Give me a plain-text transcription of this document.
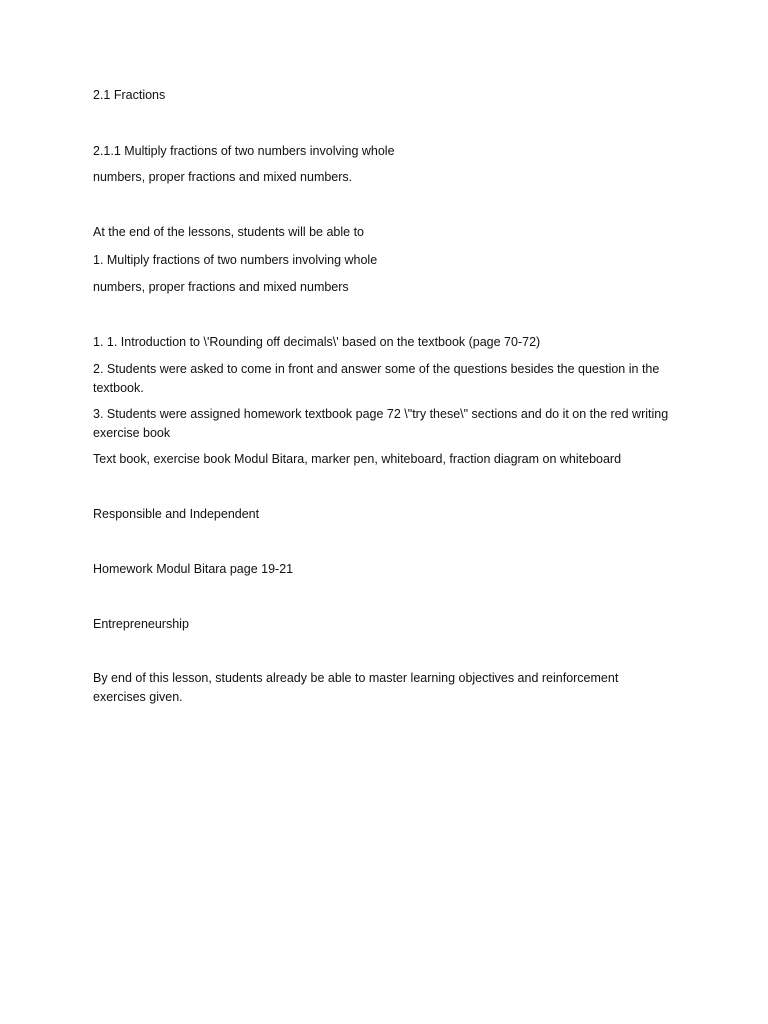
2.1 Fractions
2.1.1 Multiply fractions of two numbers involving whole
numbers, proper fractions and mixed numbers.
At the end of the lessons, students will be able to
1. Multiply fractions of two numbers involving whole
numbers, proper fractions and mixed numbers
1. 1. Introduction to \'Rounding off decimals\' based on the textbook (page 70-72)
2. Students were asked to come in front and answer some of the questions besides the question in the textbook.
3. Students were assigned homework textbook page 72 \"try these\" sections and do it on the red writing exercise book
Text book, exercise book Modul Bitara, marker pen, whiteboard, fraction diagram on whiteboard
Responsible and Independent
Homework Modul Bitara page 19-21
Entrepreneurship
By end of this lesson, students already be able to master learning objectives and reinforcement exercises given.
